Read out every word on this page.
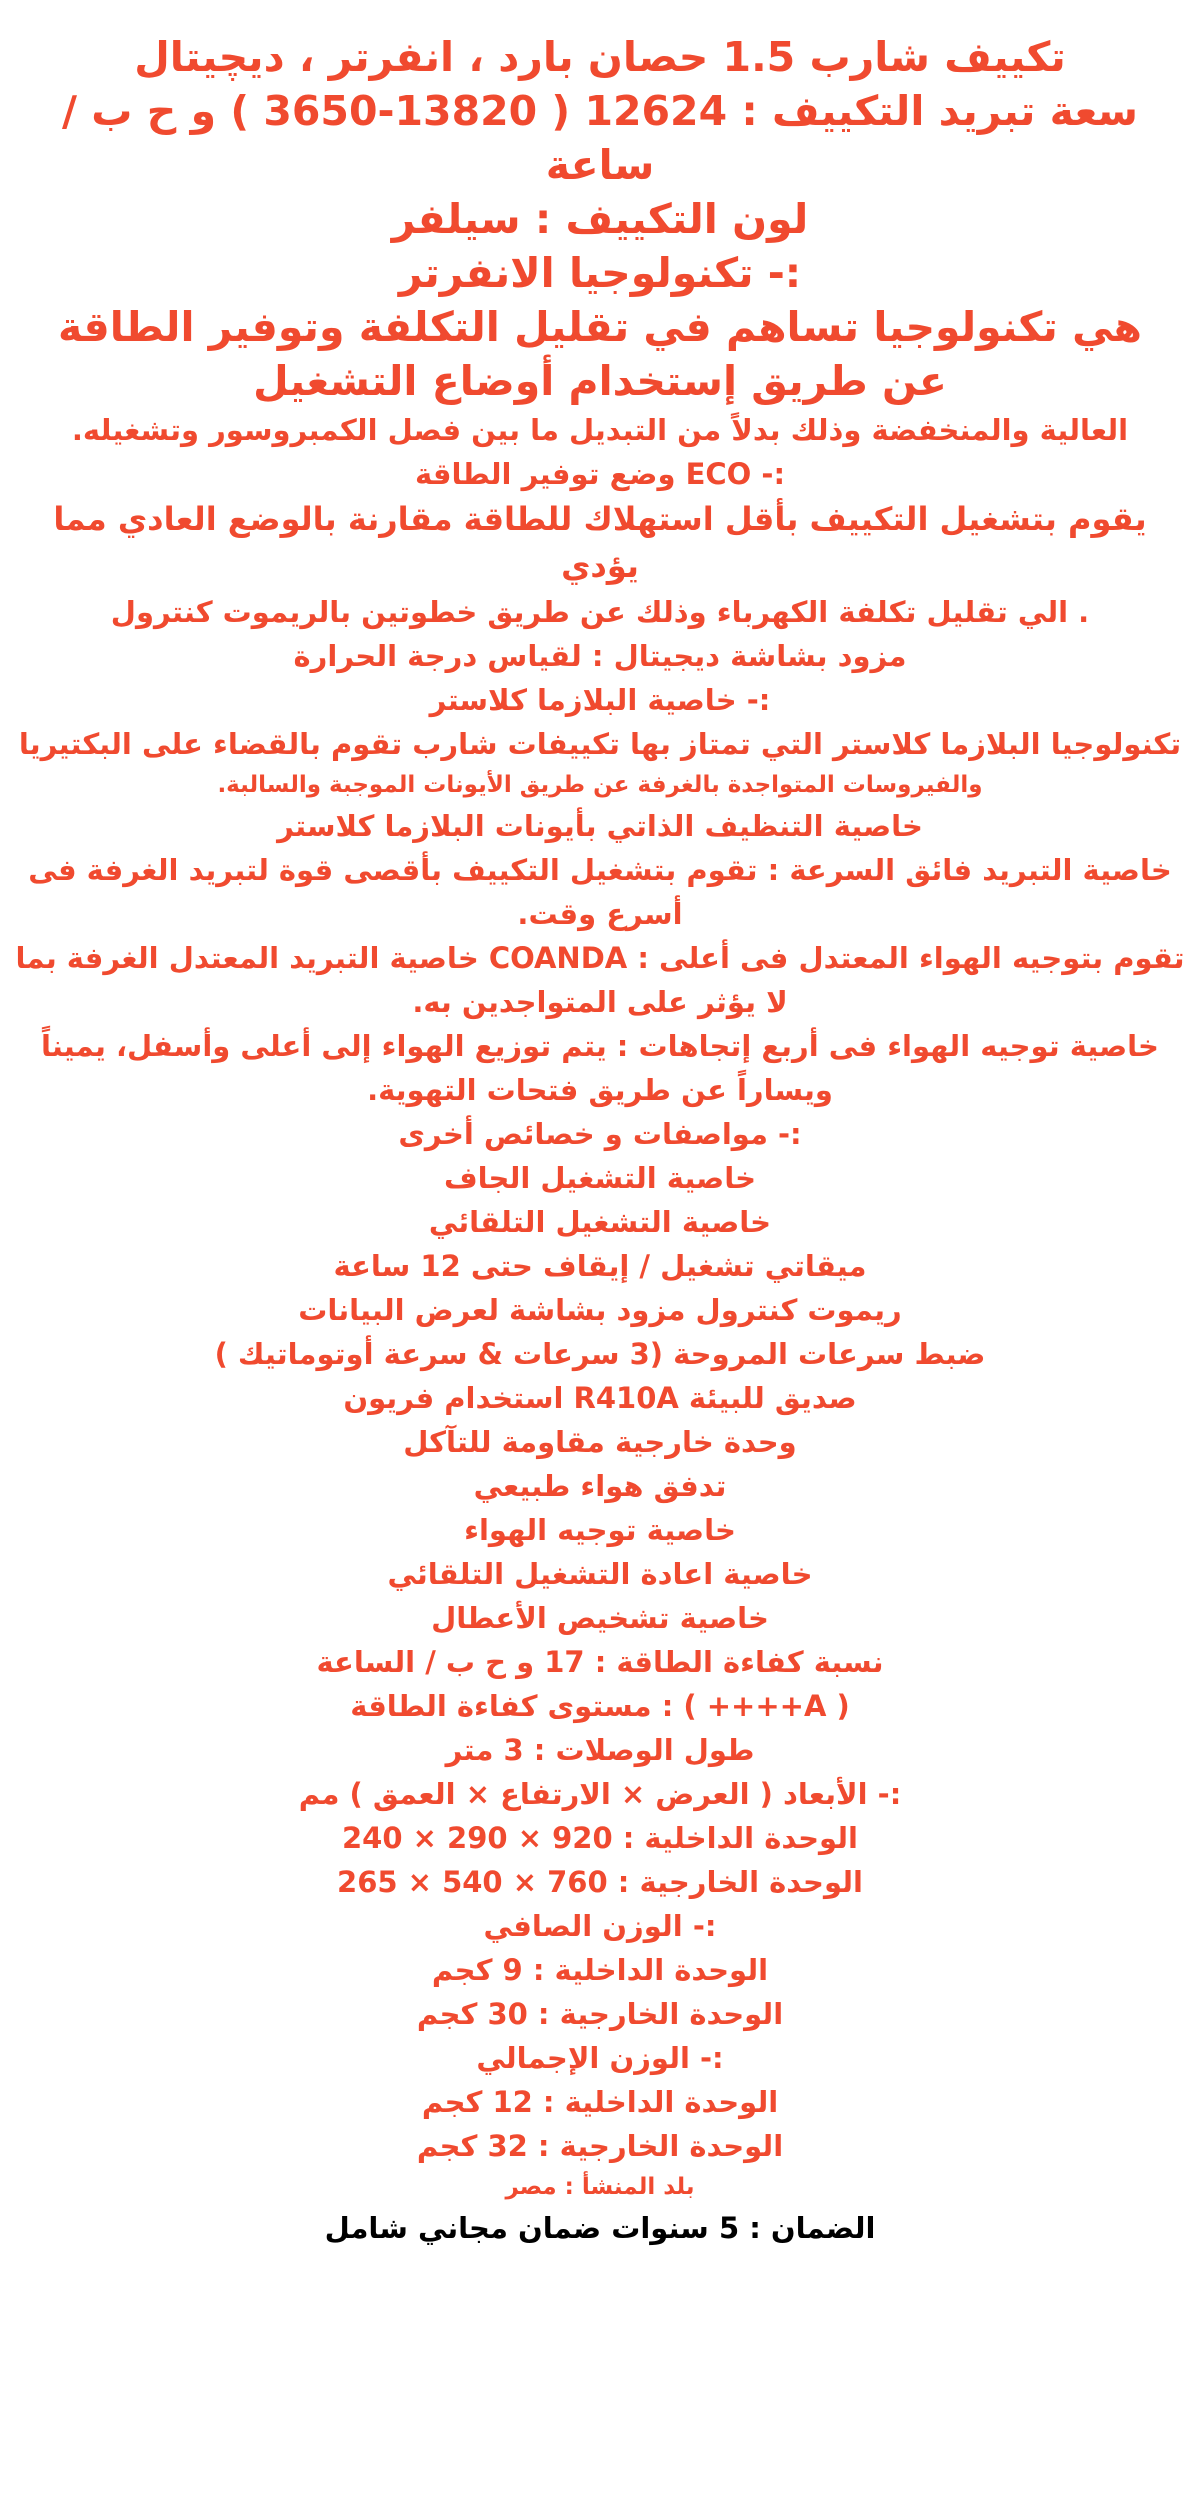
تكييف شارب 1.5 حصان بارد ، انفرتر ، ديچيتال

سعة تبريد التكييف : 12624 ( 13820-3650 ) و ح ب / ساعة

لون التكييف : سيلفر

:- تكنولوجيا الانفرتر

هي تكنولوجيا تساهم في تقليل التكلفة وتوفير الطاقة

عن طريق إستخدام أوضاع التشغيل

العالية والمنخفضة وذلك بدلاً من التبديل ما بين فصل الكمبروسور وتشغيله.

:- ECO وضع توفير الطاقة

يقوم بتشغيل التكييف بأقل استهلاك للطاقة مقارنة بالوضع العادي مما يؤدي

. الي تقليل تكلفة الكهرباء وذلك عن طريق خطوتين بالريموت كنترول

مزود بشاشة ديجيتال : لقياس درجة الحرارة

:- خاصية البلازما كلاستر

تكنولوجيا البلازما كلاستر التي تمتاز بها تكييفات شارب تقوم بالقضاء على البكتيريا

والفيروسات المتواجدة بالغرفة عن طريق الأيونات الموجبة والسالبة.

خاصية التنظيف الذاتي بأيونات البلازما كلاستر

خاصية التبريد فائق السرعة : تقوم بتشغيل التكييف بأقصى قوة لتبريد الغرفة فى أسرع وقت.

تقوم بتوجيه الهواء المعتدل فى أعلى : COANDA خاصية التبريد المعتدل الغرفة بما لا يؤثر على المتواجدين به.

خاصية توجيه الهواء فى أربع إتجاهات : يتم توزيع الهواء إلى أعلى وأسفل، يميناً ويساراً عن طريق فتحات التهوية.

:- مواصفات و خصائص أخرى

خاصية التشغيل الجاف

خاصية التشغيل التلقائي

ميقاتي تشغيل / إيقاف حتى 12 ساعة

ريموت كنترول مزود بشاشة لعرض البيانات

ضبط سرعات المروحة (3 سرعات & سرعة أوتوماتيك )

صديق للبيئة R410A استخدام فريون

وحدة خارجية مقاومة للتآكل

تدفق هواء طبيعي

خاصية توجيه الهواء

خاصية اعادة التشغيل التلقائي

خاصية تشخيص الأعطال

نسبة كفاءة الطاقة : 17 و ح ب / الساعة

( A++++ ) : مستوى كفاءة الطاقة

طول الوصلات : 3 متر

:- الأبعاد ( العرض × الارتفاع × العمق ) مم

الوحدة الداخلية : 920 × 290 × 240

الوحدة الخارجية : 760 × 540 × 265

:- الوزن الصافي

الوحدة الداخلية : 9 كجم

الوحدة الخارجية : 30 كجم

:- الوزن الإجمالي

الوحدة الداخلية : 12 كجم

الوحدة الخارجية : 32 كجم

بلد المنشأ : مصر

الضمان : 5 سنوات ضمان مجاني شامل
